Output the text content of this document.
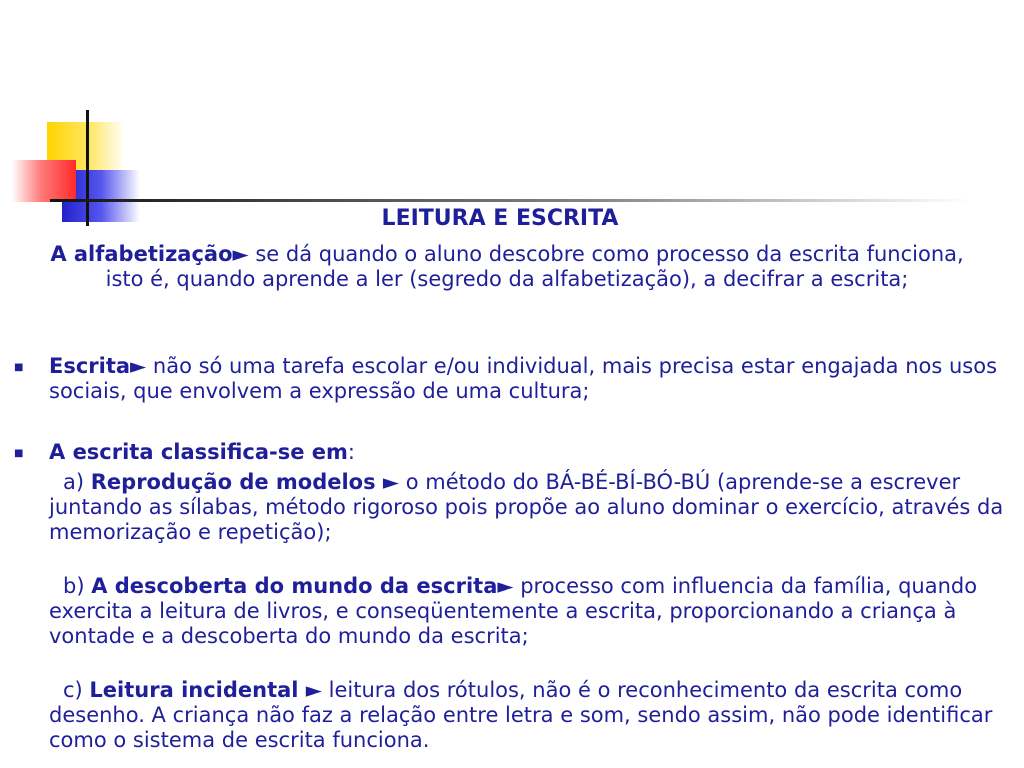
LEITURA E ESCRITA
A alfabetização► se dá quando o aluno descobre como processo da escrita funciona, isto é, quando aprende a ler (segredo da alfabetização), a decifrar a escrita;
■ Escrita► não só uma tarefa escolar e/ou individual, mais precisa estar engajada nos usos sociais, que envolvem a expressão de uma cultura;
■ A escrita classifica-se em:
a) Reprodução de modelos ► o método do BÁ-BÉ-BÍ-BÓ-BÚ (aprende-se a escrever juntando as sílabas, método rigoroso pois propõe ao aluno dominar o exercício, através da memorização e repetição);
b) A descoberta do mundo da escrita► processo com influencia da família, quando exercita a leitura de livros, e conseqüentemente a escrita, proporcionando a criança à vontade e a descoberta do mundo da escrita;
c) Leitura incidental ► leitura dos rótulos, não é o reconhecimento da escrita como desenho. A criança não faz a relação entre letra e som, sendo assim, não pode identificar como o sistema de escrita funciona.
